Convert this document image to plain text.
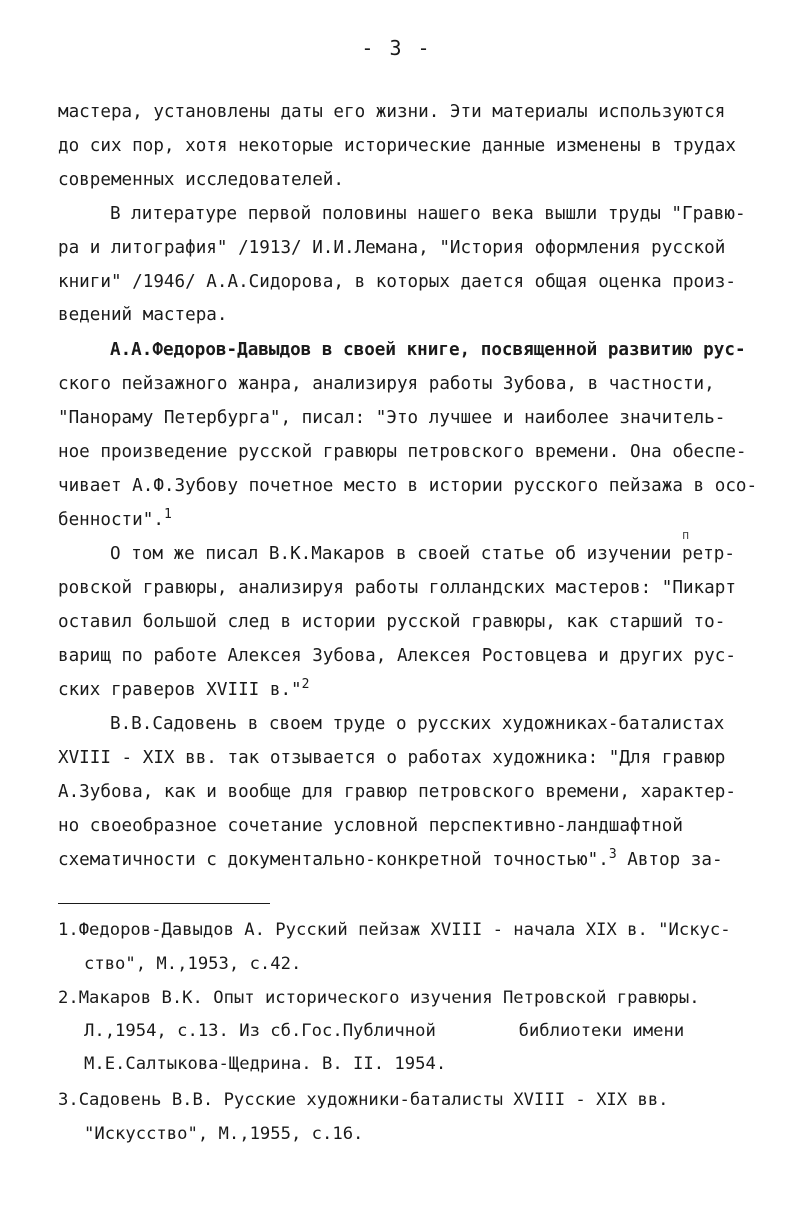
- 3 -
мастера, установлены даты его жизни. Эти материалы используются
до сих пор, хотя некоторые исторические данные изменены в трудах
современных исследователей.
В литературе первой половины нашего века вышли труды "Гравю-
ра и литография" /1913/ И.И.Лемана, "История оформления русской
книги" /1946/ А.А.Сидорова, в которых дается общая оценка произ-
ведений мастера.
А.А.Федоров-Давыдов в своей книге, посвященной развитию рус-
ского пейзажного жанра, анализируя работы Зубова, в частности,
"Панораму Петербурга", писал: "Это лучшее и наиболее значитель-
ное произведение русской гравюры петровского времени. Она обеспе-
чивает А.Ф.Зубову почетное место в истории русского пейзажа в осо-
бенности".$^1$
п
О том же писал В.К.Макаров в своей статье об изучении ретр-
ровской гравюры, анализируя работы голландских мастеров: "Пикарт
оставил большой след в истории русской гравюры, как старший то-
варищ по работе Алексея Зубова, Алексея Ростовцева и других рус-
ских граверов XVIII в."$^2$
В.В.Садовень в своем труде о русских художниках-баталистах
XVIII - XIX вв. так отзывается о работах художника: "Для гравюр
А.Зубова, как и вообще для гравюр петровского времени, характер-
но своеобразное сочетание условной перспективно-ландшафтной
схематичности с документально-конкретной точностью".$^3$ Автор за-
1.Федоров-Давыдов А. Русский пейзаж XVIII - начала XIX в. "Искус-
ство", М.,1953, с.42.
2.Макаров В.К. Опыт исторического изучения Петровской гравюры.
Л.,1954, с.13. Из сб.Гос.Публичной        библиотеки имени
М.Е.Салтыкова-Щедрина. В. II. 1954.
3.Садовень В.В. Русские художники-баталисты XVIII - XIX вв.
"Искусство", М.,1955, с.16.
